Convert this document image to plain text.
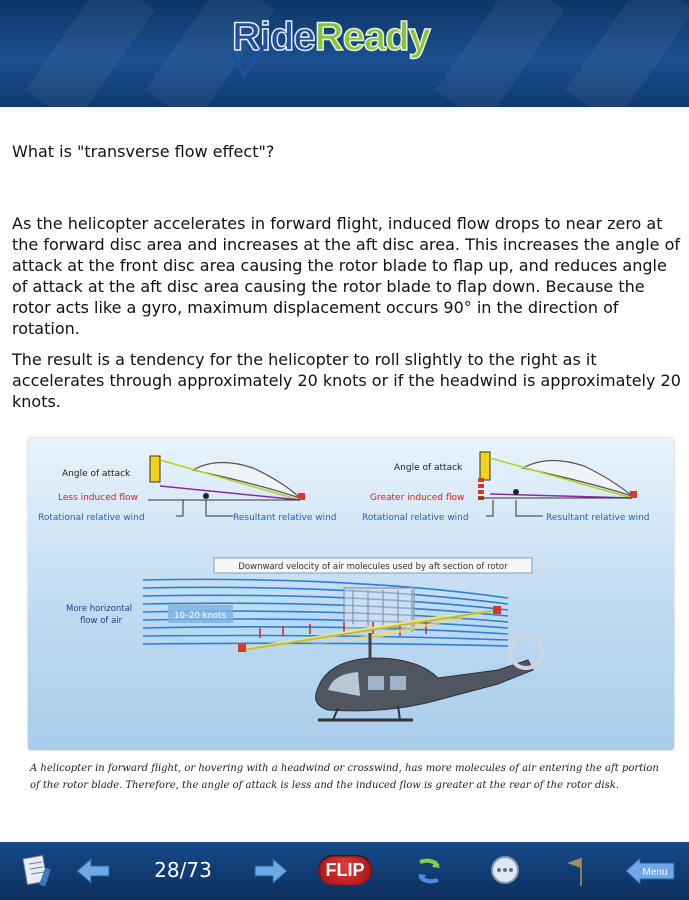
RideReady
What is "transverse flow effect"?

As the helicopter accelerates in forward flight, induced flow drops to near zero at the forward disc area and increases at the aft disc area. This increases the angle of attack at the front disc area causing the rotor blade to flap up, and reduces angle of attack at the aft disc area causing the rotor blade to flap down. Because the rotor acts like a gyro, maximum displacement occurs 90° in the direction of rotation.

The result is a tendency for the helicopter to roll slightly to the right as it accelerates through approximately 20 knots or if the headwind is approximately 20 knots.

Angle of attack
Less induced flow
Rotational relative wind	Resultant relative wind
Angle of attack
Greater induced flow
Rotational relative wind	Resultant relative wind
Downward velocity of air molecules used by aft section of rotor
10–20 knots
More horizontal
flow of air
A helicopter in forward flight, or hovering with a headwind or crosswind, has more molecules of air entering the aft portion of the rotor blade. Therefore, the angle of attack is less and the induced flow is greater at the rear of the rotor disk.
28/73	FLIP	Menu
